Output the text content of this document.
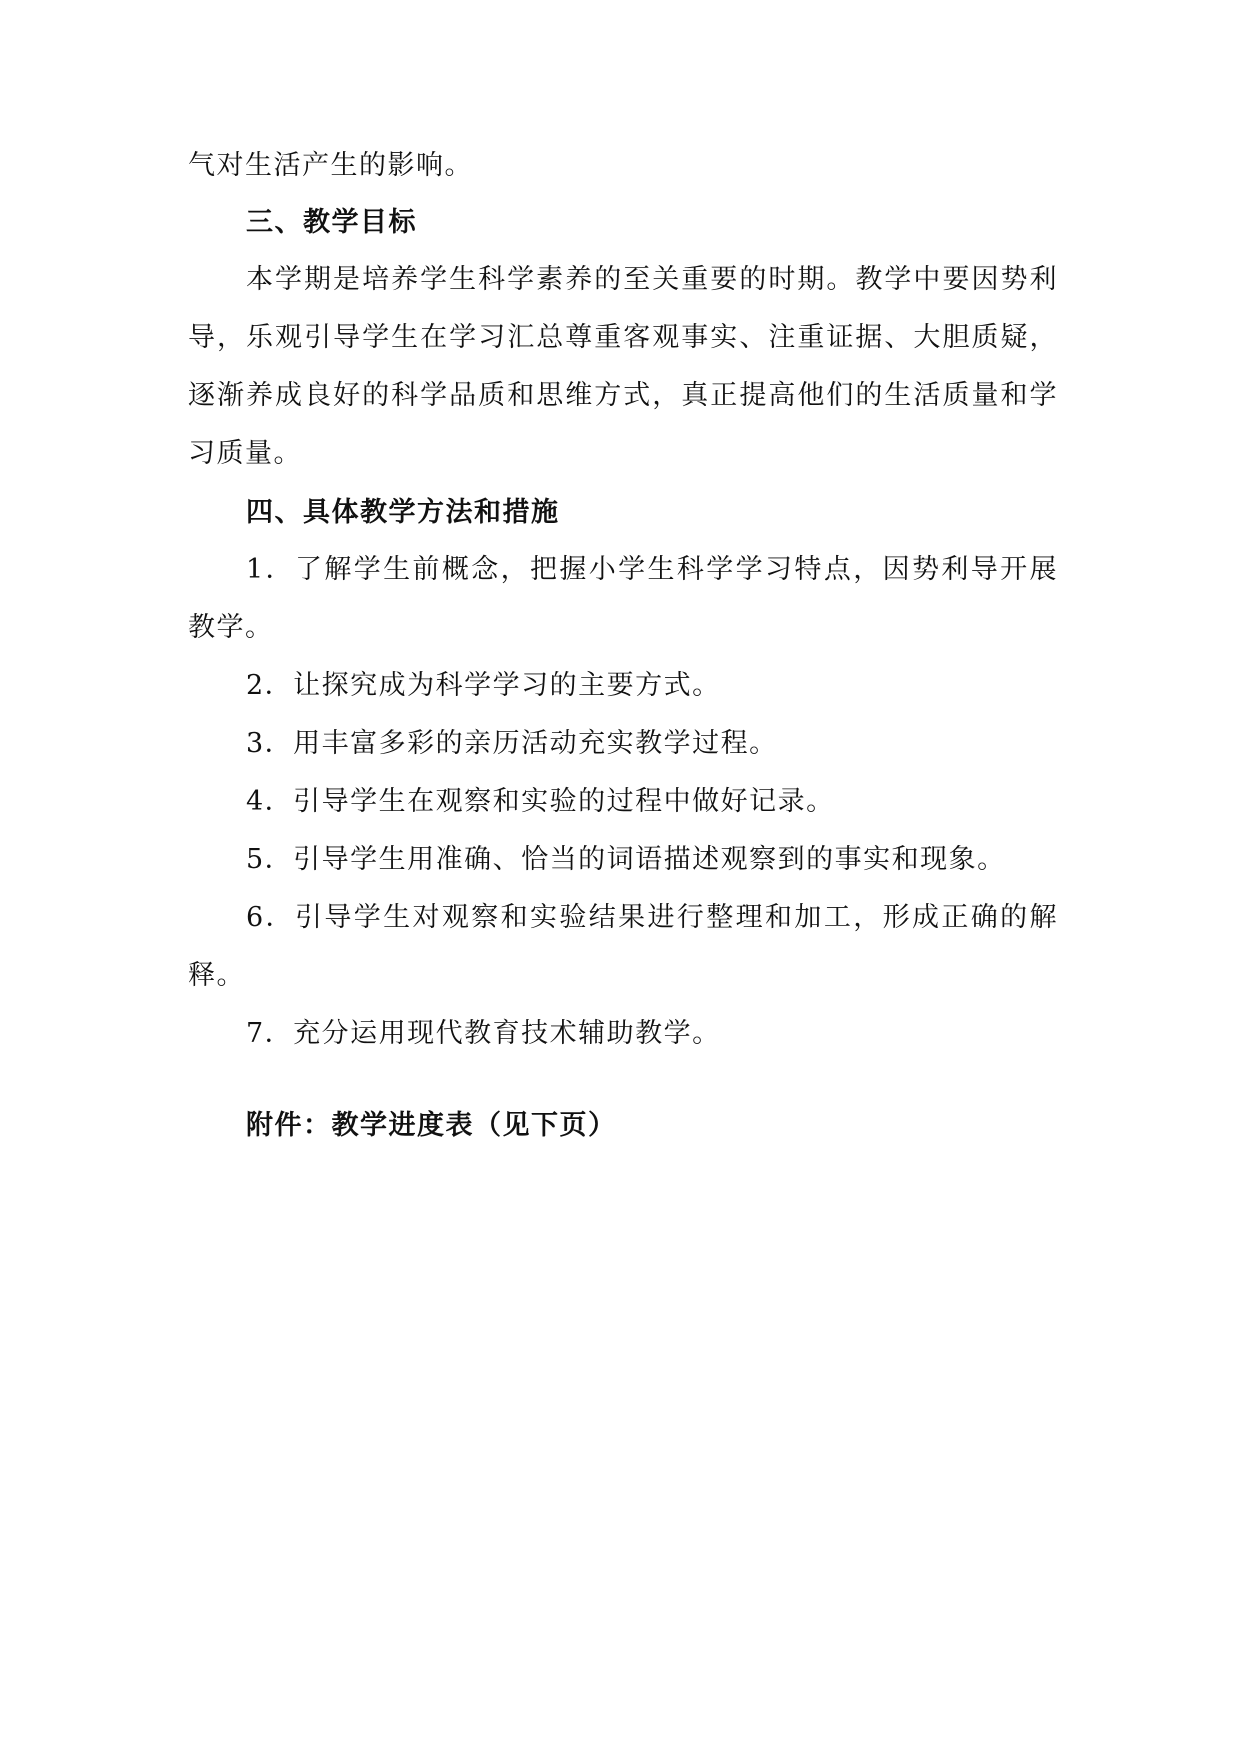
气对生活产生的影响。
三、教学目标
本学期是培养学生科学素养的至关重要的时期。教学中要因势利
导，乐观引导学生在学习汇总尊重客观事实、注重证据、大胆质疑，
逐渐养成良好的科学品质和思维方式，真正提高他们的生活质量和学
习质量。
四、具体教学方法和措施
1．了解学生前概念，把握小学生科学学习特点，因势利导开展
教学。
2．让探究成为科学学习的主要方式。
3．用丰富多彩的亲历活动充实教学过程。
4．引导学生在观察和实验的过程中做好记录。
5．引导学生用准确、恰当的词语描述观察到的事实和现象。
6．引导学生对观察和实验结果进行整理和加工，形成正确的解
释。
7．充分运用现代教育技术辅助教学。
附件：教学进度表（见下页）
